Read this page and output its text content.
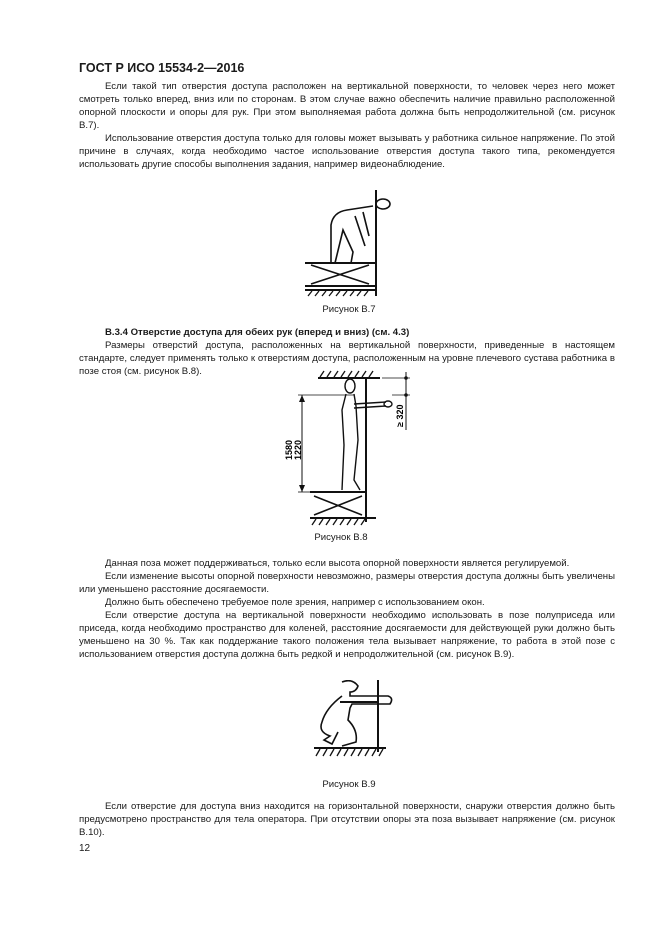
ГОСТ Р ИСО 15534-2—2016

Если такой тип отверстия доступа расположен на вертикальной поверхности, то человек через него может смотреть только вперед, вниз или по сторонам. В этом случае важно обеспечить наличие правильно расположенной опорной плоскости и опоры для рук. При этом выполняемая работа должна быть непродолжительной (см. рисунок В.7).

Использование отверстия доступа только для головы может вызывать у работника сильное напряжение. По этой причине в случаях, когда необходимо частое использование отверстия доступа такого типа, рекомендуется использовать другие способы выполнения задания, например видеонаблюдение.

Рисунок В.7

В.3.4 Отверстие доступа для обеих рук (вперед и вниз) (см. 4.3)

Размеры отверстий доступа, расположенных на вертикальной поверхности, приведенные в настоящем стандарте, следует применять только к отверстиям доступа, расположенным на уровне плечевого сустава работника в позе стоя (см. рисунок В.8).

1580 1220
≥ 320
Рисунок В.8

Данная поза может поддерживаться, только если высота опорной поверхности является регулируемой.

Если изменение высоты опорной поверхности невозможно, размеры отверстия доступа должны быть увеличены или уменьшено расстояние досягаемости.

Должно быть обеспечено требуемое поле зрения, например с использованием окон.

Если отверстие доступа на вертикальной поверхности необходимо использовать в позе полуприседа или приседа, когда необходимо пространство для коленей, расстояние досягаемости для действующей руки должно быть уменьшено на 30 %. Так как поддержание такого положения тела вызывает напряжение, то работа в этой позе с использованием отверстия доступа должна быть редкой и непродолжительной (см. рисунок В.9).

Рисунок В.9

Если отверстие для доступа вниз находится на горизонтальной поверхности, снаружи отверстия должно быть предусмотрено пространство для тела оператора. При отсутствии опоры эта поза вызывает напряжение (см. рисунок В.10).

12
